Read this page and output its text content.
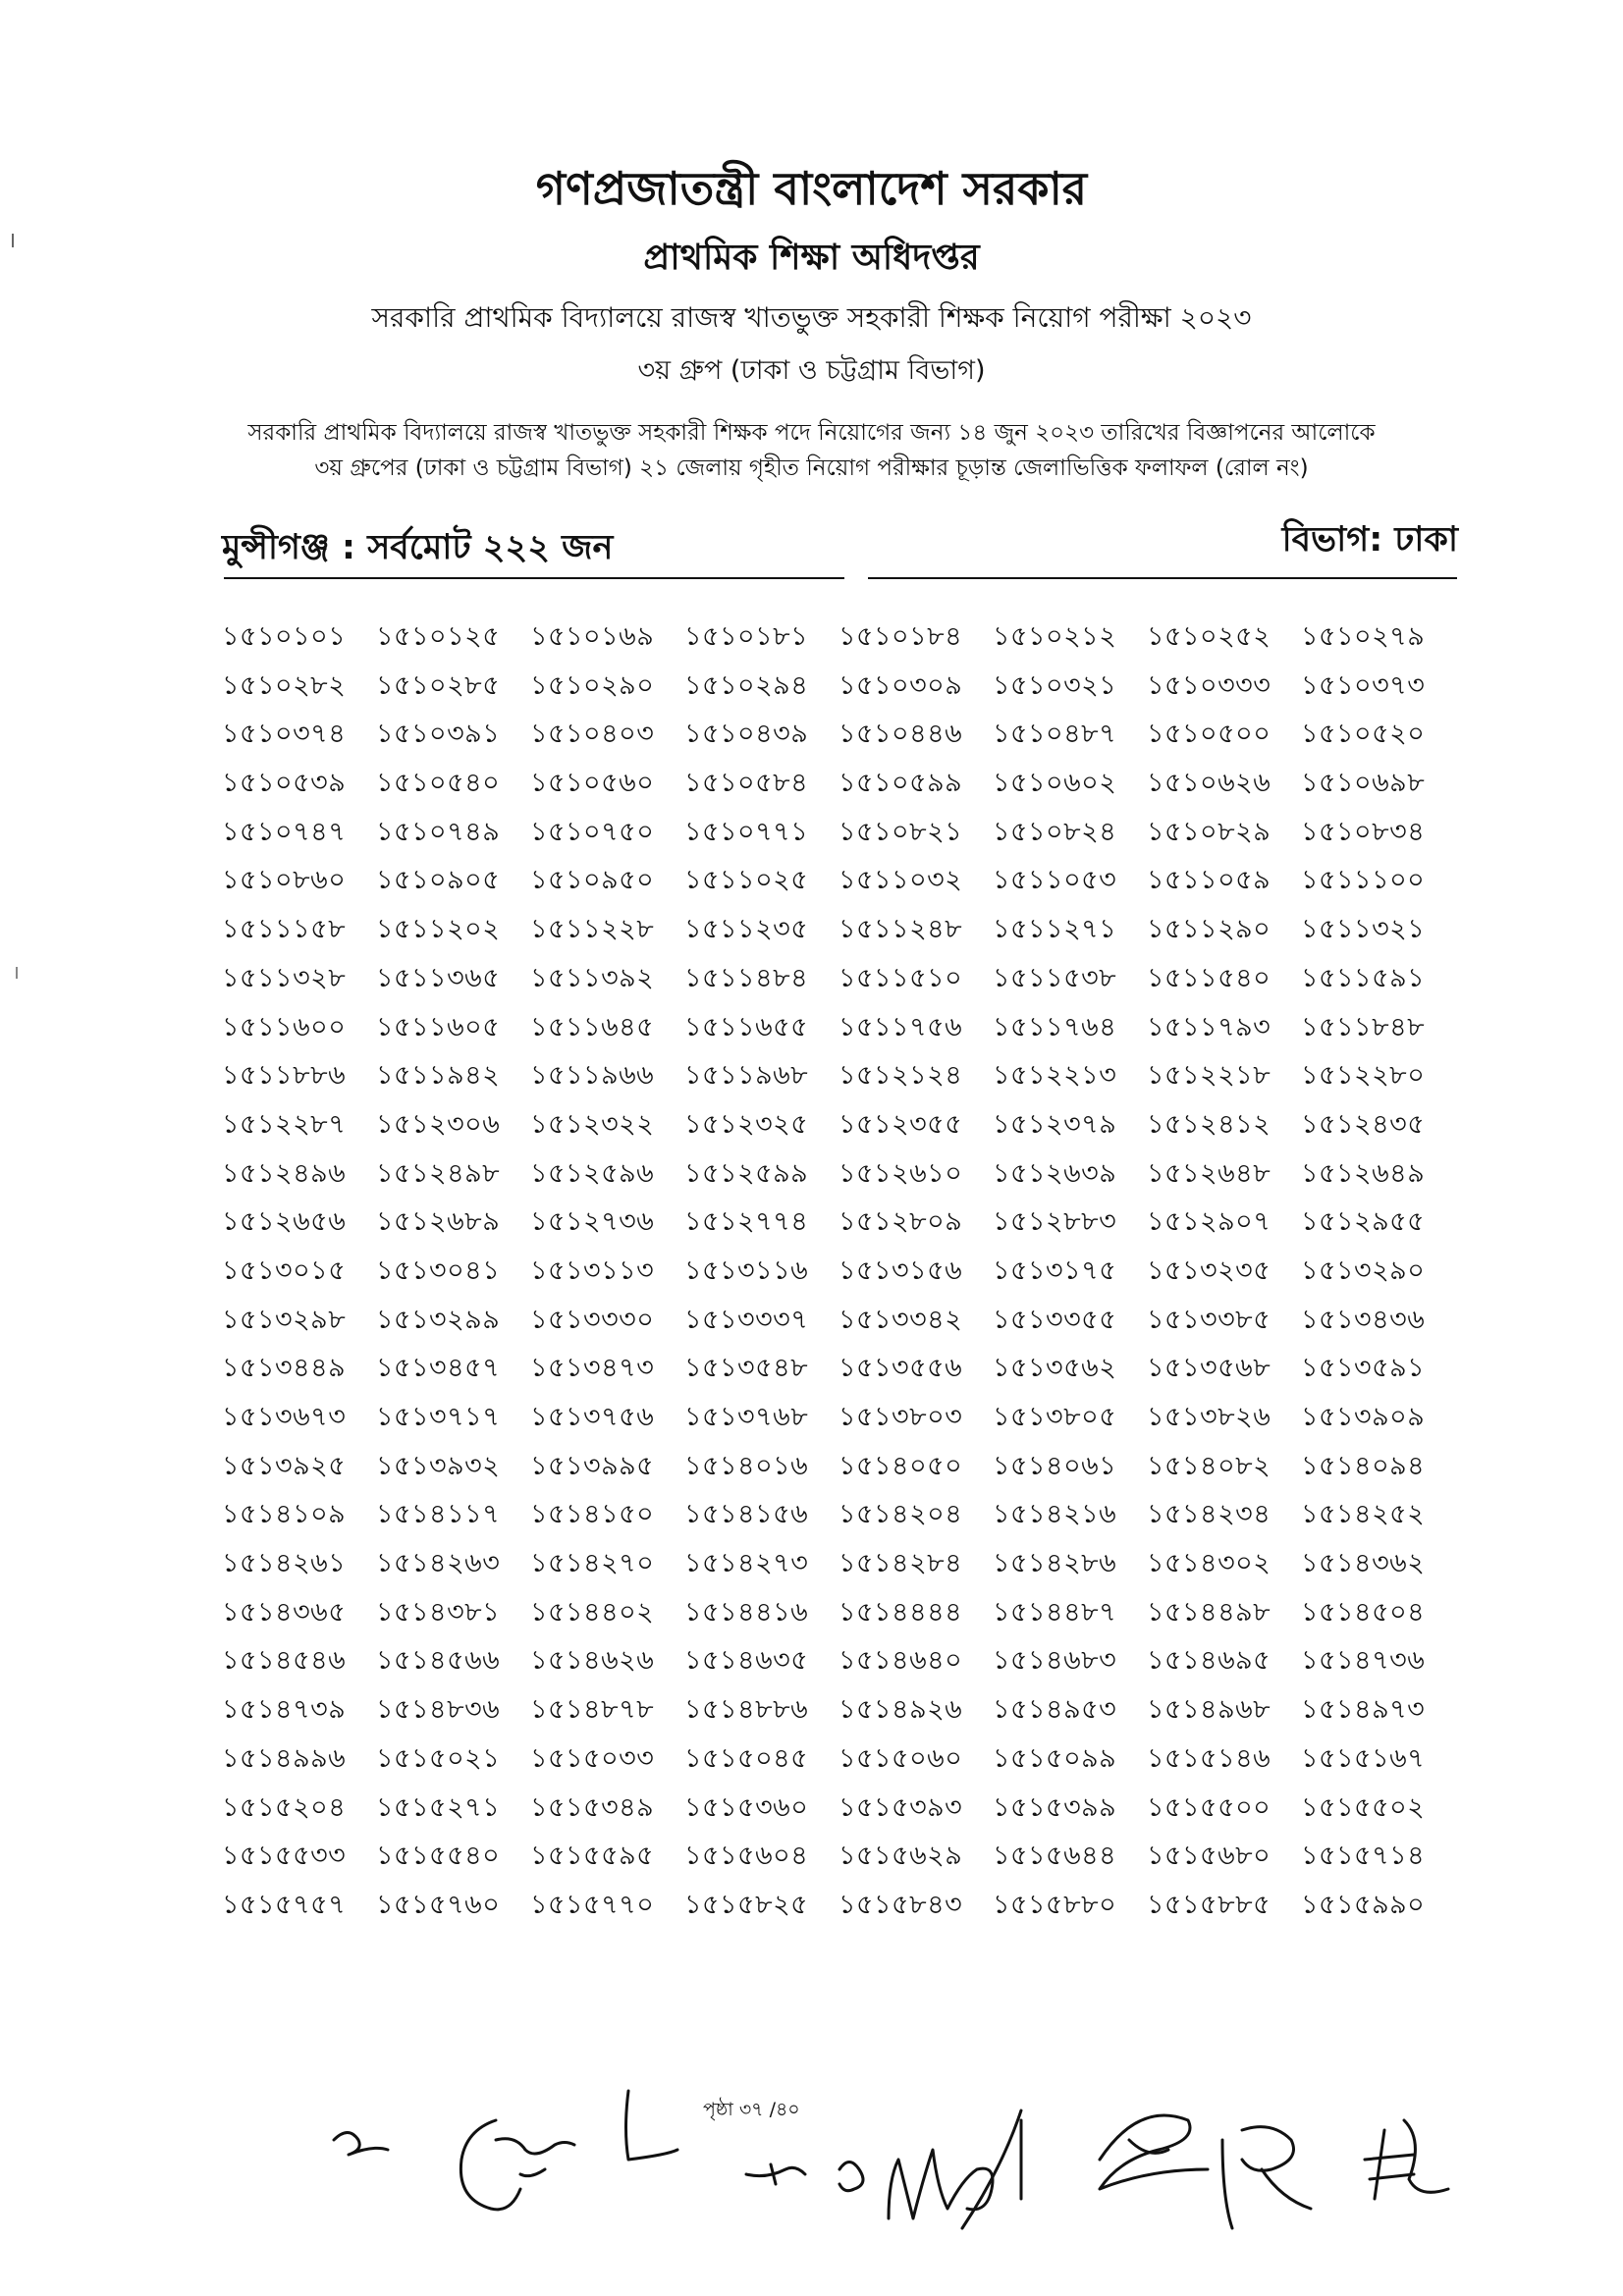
গণপ্রজাতন্ত্রী বাংলাদেশ সরকার
প্রাথমিক শিক্ষা অধিদপ্তর
সরকারি প্রাথমিক বিদ্যালয়ে রাজস্ব খাতভুক্ত সহকারী শিক্ষক নিয়োগ পরীক্ষা ২০২৩
৩য় গ্রুপ (ঢাকা ও চট্টগ্রাম বিভাগ)
সরকারি প্রাথমিক বিদ্যালয়ে রাজস্ব খাতভুক্ত সহকারী শিক্ষক পদে নিয়োগের জন্য ১৪ জুন ২০২৩ তারিখের বিজ্ঞাপনের আলোকে
৩য় গ্রুপের (ঢাকা ও চট্টগ্রাম বিভাগ) ২১ জেলায় গৃহীত নিয়োগ পরীক্ষার চূড়ান্ত জেলাভিত্তিক ফলাফল (রোল নং)
মুন্সীগঞ্জ : সর্বমোট ২২২ জন	বিভাগ: ঢাকা
১৫১০১০১	১৫১০১২৫	১৫১০১৬৯	১৫১০১৮১	১৫১০১৮৪	১৫১০২১২	১৫১০২৫২	১৫১০২৭৯
১৫১০২৮২	১৫১০২৮৫	১৫১০২৯০	১৫১০২৯৪	১৫১০৩০৯	১৫১০৩২১	১৫১০৩৩৩	১৫১০৩৭৩
১৫১০৩৭৪	১৫১০৩৯১	১৫১০৪০৩	১৫১০৪৩৯	১৫১০৪৪৬	১৫১০৪৮৭	১৫১০৫০০	১৫১০৫২০
১৫১০৫৩৯	১৫১০৫৪০	১৫১০৫৬০	১৫১০৫৮৪	১৫১০৫৯৯	১৫১০৬০২	১৫১০৬২৬	১৫১০৬৯৮
১৫১০৭৪৭	১৫১০৭৪৯	১৫১০৭৫০	১৫১০৭৭১	১৫১০৮২১	১৫১০৮২৪	১৫১০৮২৯	১৫১০৮৩৪
১৫১০৮৬০	১৫১০৯০৫	১৫১০৯৫০	১৫১১০২৫	১৫১১০৩২	১৫১১০৫৩	১৫১১০৫৯	১৫১১১০০
১৫১১১৫৮	১৫১১২০২	১৫১১২২৮	১৫১১২৩৫	১৫১১২৪৮	১৫১১২৭১	১৫১১২৯০	১৫১১৩২১
১৫১১৩২৮	১৫১১৩৬৫	১৫১১৩৯২	১৫১১৪৮৪	১৫১১৫১০	১৫১১৫৩৮	১৫১১৫৪০	১৫১১৫৯১
১৫১১৬০০	১৫১১৬০৫	১৫১১৬৪৫	১৫১১৬৫৫	১৫১১৭৫৬	১৫১১৭৬৪	১৫১১৭৯৩	১৫১১৮৪৮
১৫১১৮৮৬	১৫১১৯৪২	১৫১১৯৬৬	১৫১১৯৬৮	১৫১২১২৪	১৫১২২১৩	১৫১২২১৮	১৫১২২৮০
১৫১২২৮৭	১৫১২৩০৬	১৫১২৩২২	১৫১২৩২৫	১৫১২৩৫৫	১৫১২৩৭৯	১৫১২৪১২	১৫১২৪৩৫
১৫১২৪৯৬	১৫১২৪৯৮	১৫১২৫৯৬	১৫১২৫৯৯	১৫১২৬১০	১৫১২৬৩৯	১৫১২৬৪৮	১৫১২৬৪৯
১৫১২৬৫৬	১৫১২৬৮৯	১৫১২৭৩৬	১৫১২৭৭৪	১৫১২৮০৯	১৫১২৮৮৩	১৫১২৯০৭	১৫১২৯৫৫
১৫১৩০১৫	১৫১৩০৪১	১৫১৩১১৩	১৫১৩১১৬	১৫১৩১৫৬	১৫১৩১৭৫	১৫১৩২৩৫	১৫১৩২৯০
১৫১৩২৯৮	১৫১৩২৯৯	১৫১৩৩৩০	১৫১৩৩৩৭	১৫১৩৩৪২	১৫১৩৩৫৫	১৫১৩৩৮৫	১৫১৩৪৩৬
১৫১৩৪৪৯	১৫১৩৪৫৭	১৫১৩৪৭৩	১৫১৩৫৪৮	১৫১৩৫৫৬	১৫১৩৫৬২	১৫১৩৫৬৮	১৫১৩৫৯১
১৫১৩৬৭৩	১৫১৩৭১৭	১৫১৩৭৫৬	১৫১৩৭৬৮	১৫১৩৮০৩	১৫১৩৮০৫	১৫১৩৮২৬	১৫১৩৯০৯
১৫১৩৯২৫	১৫১৩৯৩২	১৫১৩৯৯৫	১৫১৪০১৬	১৫১৪০৫০	১৫১৪০৬১	১৫১৪০৮২	১৫১৪০৯৪
১৫১৪১০৯	১৫১৪১১৭	১৫১৪১৫০	১৫১৪১৫৬	১৫১৪২০৪	১৫১৪২১৬	১৫১৪২৩৪	১৫১৪২৫২
১৫১৪২৬১	১৫১৪২৬৩	১৫১৪২৭০	১৫১৪২৭৩	১৫১৪২৮৪	১৫১৪২৮৬	১৫১৪৩০২	১৫১৪৩৬২
১৫১৪৩৬৫	১৫১৪৩৮১	১৫১৪৪০২	১৫১৪৪১৬	১৫১৪৪৪৪	১৫১৪৪৮৭	১৫১৪৪৯৮	১৫১৪৫০৪
১৫১৪৫৪৬	১৫১৪৫৬৬	১৫১৪৬২৬	১৫১৪৬৩৫	১৫১৪৬৪০	১৫১৪৬৮৩	১৫১৪৬৯৫	১৫১৪৭৩৬
১৫১৪৭৩৯	১৫১৪৮৩৬	১৫১৪৮৭৮	১৫১৪৮৮৬	১৫১৪৯২৬	১৫১৪৯৫৩	১৫১৪৯৬৮	১৫১৪৯৭৩
১৫১৪৯৯৬	১৫১৫০২১	১৫১৫০৩৩	১৫১৫০৪৫	১৫১৫০৬০	১৫১৫০৯৯	১৫১৫১৪৬	১৫১৫১৬৭
১৫১৫২০৪	১৫১৫২৭১	১৫১৫৩৪৯	১৫১৫৩৬০	১৫১৫৩৯৩	১৫১৫৩৯৯	১৫১৫৫০০	১৫১৫৫০২
১৫১৫৫৩৩	১৫১৫৫৪০	১৫১৫৫৯৫	১৫১৫৬০৪	১৫১৫৬২৯	১৫১৫৬৪৪	১৫১৫৬৮০	১৫১৫৭১৪
১৫১৫৭৫৭	১৫১৫৭৬০	১৫১৫৭৭০	১৫১৫৮২৫	১৫১৫৮৪৩	১৫১৫৮৮০	১৫১৫৮৮৫	১৫১৫৯৯০
পৃষ্ঠা ৩৭ /৪০
